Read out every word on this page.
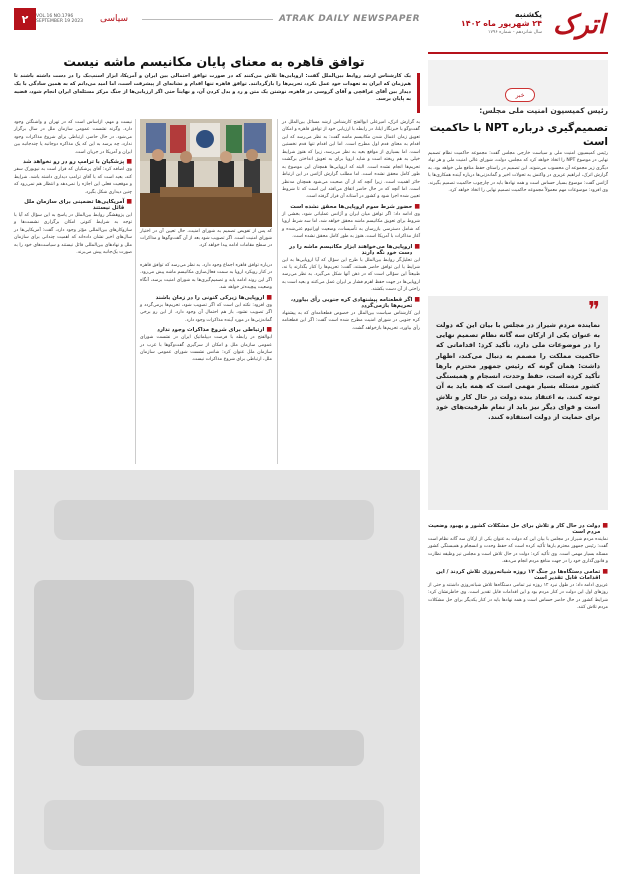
۲	VOL.16 NO.1796 SEPTEMBER 19 2023	سیاسی	ATRAK DAILY NEWSPAPER	اترک
یکشنبه
۲۴ شهریور ماه ۱۴۰۲
سال شانزدهم - شماره ۱۷۹۶
توافق قاهره به معنای پایان مکانیسم ماشه نیست

یک کارشناس ارشد روابط بین‌الملل گفت: اروپایی‌ها تلاش می‌کنند که در صورت توافق احتمالی بین ایران و آمریکا، ابزار اسنپ‌بک را در دست داشته باشند تا هم‌زمان که ایران به تعهدات خود عمل نکرد، تحریم‌ها را بازگردانند. توافق قاهره تنها اقدام و نشانه‌ای از پیشرفت است، اما امید می‌دانم که به همین سادگی با یک دیدار بین آقای عراقچی و آقای گروسی در قاهره، نوشتن یک متن و رد و بدل کردن آن، و نهایتاً حتی اگر ارزیابی‌ها از جنگ مرکز مسئله‌ای ایران انجام شود، قضیه به پایان برسد.

به گزارش اترک، امیرعلی ابوالفتح کارشناس ارشد مسائل بین‌الملل در گفت‌وگو با خبرنگار ایلنا، در رابطه با ارزیابی خود از توافق قاهره و امکان تعویق زمان اعمال شدن مکانیسم ماشه گفت: به نظر می‌رسد که این اقدام به معنای قدم اول مطرح است. اما این اقدام تنها قدم نخستین است. اما بسیاری از مواقع بعید به نظر می‌رسد، زیرا که هنوز شرایط خیلی به هم ریخته است و شاید اروپا برای به تعویق انداختن برگشت تحریم‌ها انجام نشده است. البته که اروپایی‌ها همچنان این موضوع به طور کامل محقق نشده است. اما مطلب گزارش آژانس در این ارتباط حائز اهمیت است. زیرا آنچه که از آن صحبت می‌شود همچنان مدنظر است. اما آنچه که در حال حاضر اتفاق می‌افتد این است که تا شروط تعیین شده اجرا شود و کشور در آستانه آن قرار گرفته است.

■
حضور شرط سوم اروپایی‌ها محقق نشده است

وی ادامه داد: اگر توافق میان ایران و آژانس عملیاتی شود، بخشی از شروط برای تعویق مکانیسم ماشه محقق خواهد شد، اما سه شرط اروپا که شامل دسترسی بازرسان به تأسیسات، وضعیت اورانیوم غنی‌شده و آغاز مذاکرات با آمریکا است، هنوز به طور کامل محقق نشده است.

■
اروپایی‌ها می‌خواهند ابزار مکانیسم ماشه را در دست خود نگه دارند

این تحلیل‌گر روابط بین‌الملل با طرح این سؤال که آیا اروپایی‌ها به این شرایط یا این توافق حاضر هستند، گفت: تحریم‌ها را کنار بگذارند یا نه، طبیعتاً این سؤالی است که در ذهن آنها شکل می‌گیرد. به نظر می‌رسد اروپایی‌ها در جهت حفظ اهرم فشار بر ایران عمل می‌کنند و بعید است به راحتی از آن دست بکشند.

■
اگر قطعنامه پیشنهادی کره جنوبی رأی بیاورد، تحریم‌ها بازمی‌گردد

این کارشناس سیاست بین‌الملل در خصوص قطعنامه‌ای که به پیشنهاد کره جنوبی در شورای امنیت مطرح شده است گفت: اگر این قطعنامه رأی بیاورد، تحریم‌ها بازخواهد گشت.

که پس از تفویض تصمیم به شورای امنیت، حال تعیین آن در اختیار شورای امنیت است. اگر تصویب شود بعد از آن گفت‌وگوها و مذاکرات در سطح مقامات ادامه پیدا خواهد کرد.

درباره توافق قاهره اجماع وجود دارد. به نظر می‌رسد که توافق قاهره در کنار رویکرد اروپا به سمت فعال‌سازی مکانیسم ماشه پیش می‌رود. اگر این روند ادامه یابد و تصمیم‌گیری‌ها به شورای امنیت برسد، آنگاه وضعیت پیچیده‌تر خواهد شد.

■
اروپایی‌ها زیرکی کنونی را در زمان باشند

وی افزود: نکته این است که اگر تصویب شود، تحریم‌ها برمی‌گردد و اگر تصویب نشود، باز هم احتمال آن وجود دارد. از این رو برخی گمانه‌زنی‌ها در مورد آینده مذاکرات وجود دارد.

■
ارتباطی برای شروع مذاکرات وجود ندارد

ابوالفتح در رابطه با فرصت دیپلماتیک ایران در نشست شورای عمومی سازمان ملل و امکان از سرگیری گفت‌وگوها با غرب در سازمان ملل عنوان کرد: شانس نشست شورای عمومی سازمان ملل، ارتباطی برای شروع مذاکرات نیست.

نیست و مهم، ازاساس است که در تهران و واشنگتن وجود دارد. وگرنه نشست عمومی سازمان ملل در سال برگزار می‌شود. در حال حاضر، ارتباطی برای شروع مذاکرات وجود ندارد، چه برسد به این که یک مذاکره دوجانبه یا چندجانبه بین ایران و آمریکا در جریان است.

■
پزشکیان با ترامپ رو در رو نخواهد شد

وی اضافه کرد: آقای پزشکیان که قرار است به نیویورک سفر کند، بعید است که با آقای ترامپ دیداری داشته باشد. شرایط و موقعیت فعلی این اجازه را نمی‌دهد و انتظار هم نمی‌رود که چنین دیداری شکل بگیرد.

■
آمریکایی‌ها تضمینی برای سازمان ملل قائل نیستند

این پژوهشگر روابط بین‌الملل در پاسخ به این سؤال که آیا با توجه به شرایط کنونی امکان برگزاری نشست‌ها و سازوکارهای بین‌المللی مؤثر وجود دارد، گفت: آمریکایی‌ها در سال‌های اخیر نشان داده‌اند که اهمیت چندانی برای سازمان ملل و نهادهای بین‌المللی قائل نیستند و سیاست‌های خود را به صورت یک‌جانبه پیش می‌برند.

خبر
رئیس کمیسیون امنیت ملی مجلس:
تصمیم‌گیری درباره NPT با حاکمیت است

رئیس کمیسیون امنیت ملی و سیاست خارجی مجلس گفت: مجموعه حاکمیت نظام تصمیم نهایی در موضوع NPT را اتخاذ خواهد کرد که مجلس، دولت، شورای عالی امنیت ملی و هر نهاد دیگری زیر مجموعه آن محسوب می‌شوند. این تصمیم در راستای حفظ منافع ملی خواهد بود. به گزارش اترک، ابراهیم عزیزی در واکنش به تحولات اخیر و گمانه‌زنی‌ها درباره آینده همکاری‌ها با آژانس گفت: موضوع بسیار حساس است و همه نهادها باید در چارچوب حاکمیت تصمیم بگیرند. وی افزود: موضوعات مهم معمولاً مجموعه حاکمیت تصمیم نهایی را اتخاذ خواهد کرد.

❞

نماینده مردم شیراز در مجلس با بیان این که دولت به عنوان یکی از ارکان سه گانه نظام تصمیم نهایی را در موضوعات ملی دارد، تأکید کرد: اقداماتی که حاکمیت مملکت را مصمم به دنبال می‌کند، اظهار داشت: همان گونه که رئیس جمهور محترم بارها تأکید کرده است، حفظ وحدت، انسجام و همبستگی کشور مسئله بسیار مهمی است که همه باید به آن توجه کنند. به اعتقاد بنده دولت در حال کار و تلاش است و قوای دیگر نیز باید از تمام ظرفیت‌های خود برای حمایت از دولت استفاده کنند.

■
دولت در حال کار و تلاش برای حل مشکلات کشور و بهبود وضعیت مردم است

نماینده مردم شیراز در مجلس با بیان این که دولت به عنوان یکی از ارکان سه گانه نظام است گفت: رئیس جمهور محترم بارها تأکید کرده است که حفظ وحدت و انسجام و همبستگی کشور مسئله بسیار مهمی است. وی تأکید کرد: دولت در حال تلاش است و مجلس نیز وظیفه نظارت و قانون‌گذاری خود را در جهت منافع مردم انجام می‌دهد.

■
تمامی دستگاه‌ها در جنگ ۱۲ روزه شبانه‌روزی تلاش کردند / این اقدامات قابل تقدیر است

عزیزی ادامه داد: در طول نبرد ۱۲ روزه نیز تمامی دستگاه‌ها تلاش شبانه‌روزی داشتند و حتی از روز‌های اول این دولت در کنار مردم بود و این اقدامات قابل تقدیر است. وی خاطرنشان کرد: شرایط کشور در حال حاضر حساس است و همه نهادها باید در کنار یکدیگر برای حل مشکلات مردم تلاش کنند.
